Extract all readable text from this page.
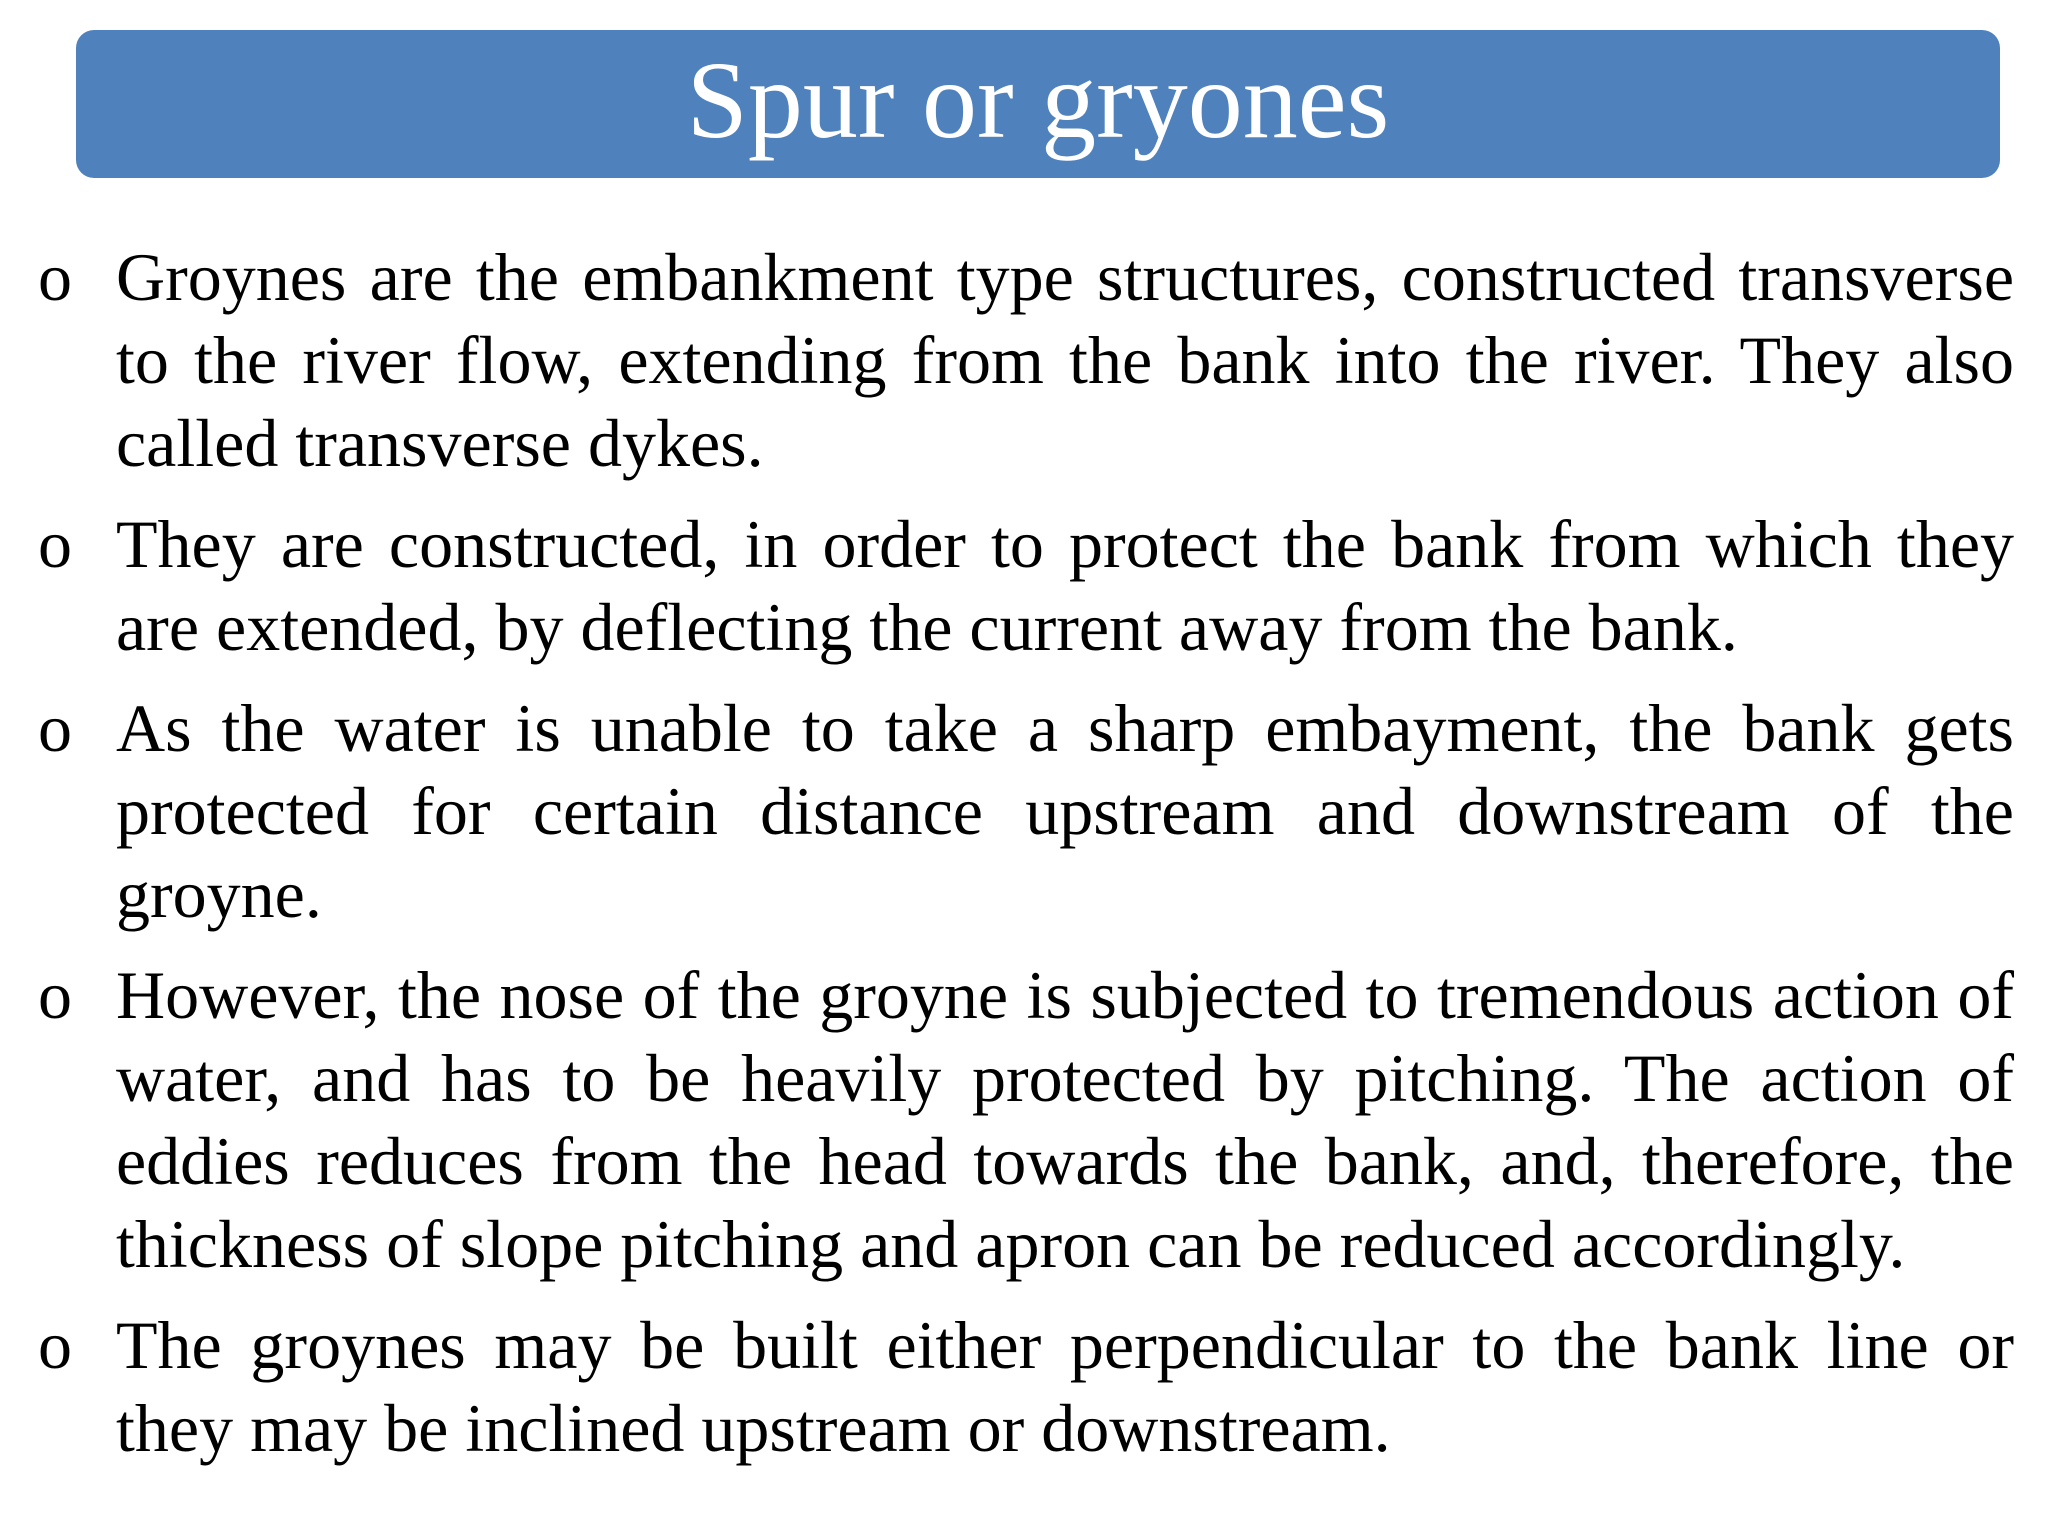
Spur or gryones
o Groynes are the embankment type structures, constructed transverse to the river flow, extending from the bank into the river. They also called transverse dykes.
o They are constructed, in order to protect the bank from which they are extended, by deflecting the current away from the bank.
o As the water is unable to take a sharp embayment, the bank gets protected for certain distance upstream and downstream of the groyne.
o However, the nose of the groyne is subjected to tremendous action of water, and has to be heavily protected by pitching. The action of eddies reduces from the head towards the bank, and, therefore, the thickness of slope pitching and apron can be reduced accordingly.
o The groynes may be built either perpendicular to the bank line or they may be inclined upstream or downstream.
